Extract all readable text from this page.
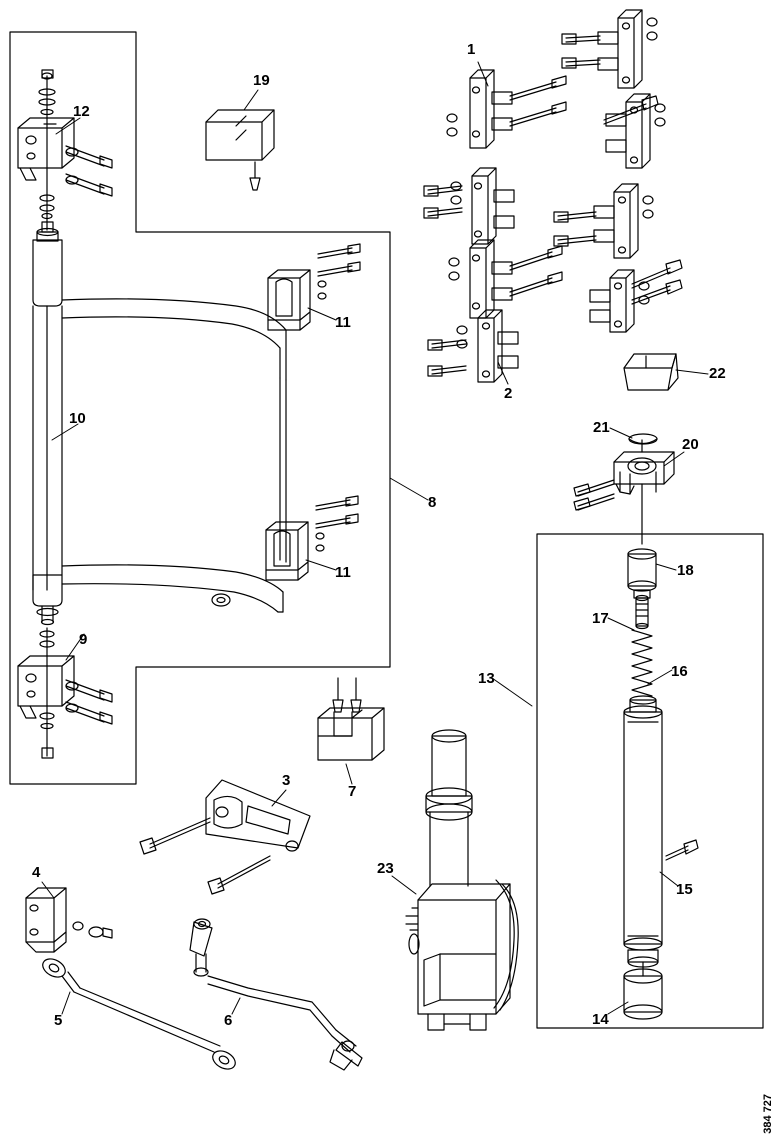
1
2
3
4
5	6
7
8
9
10
11
11
12
13
14
15
16
17
18
19
20
21
22
23
384 727
